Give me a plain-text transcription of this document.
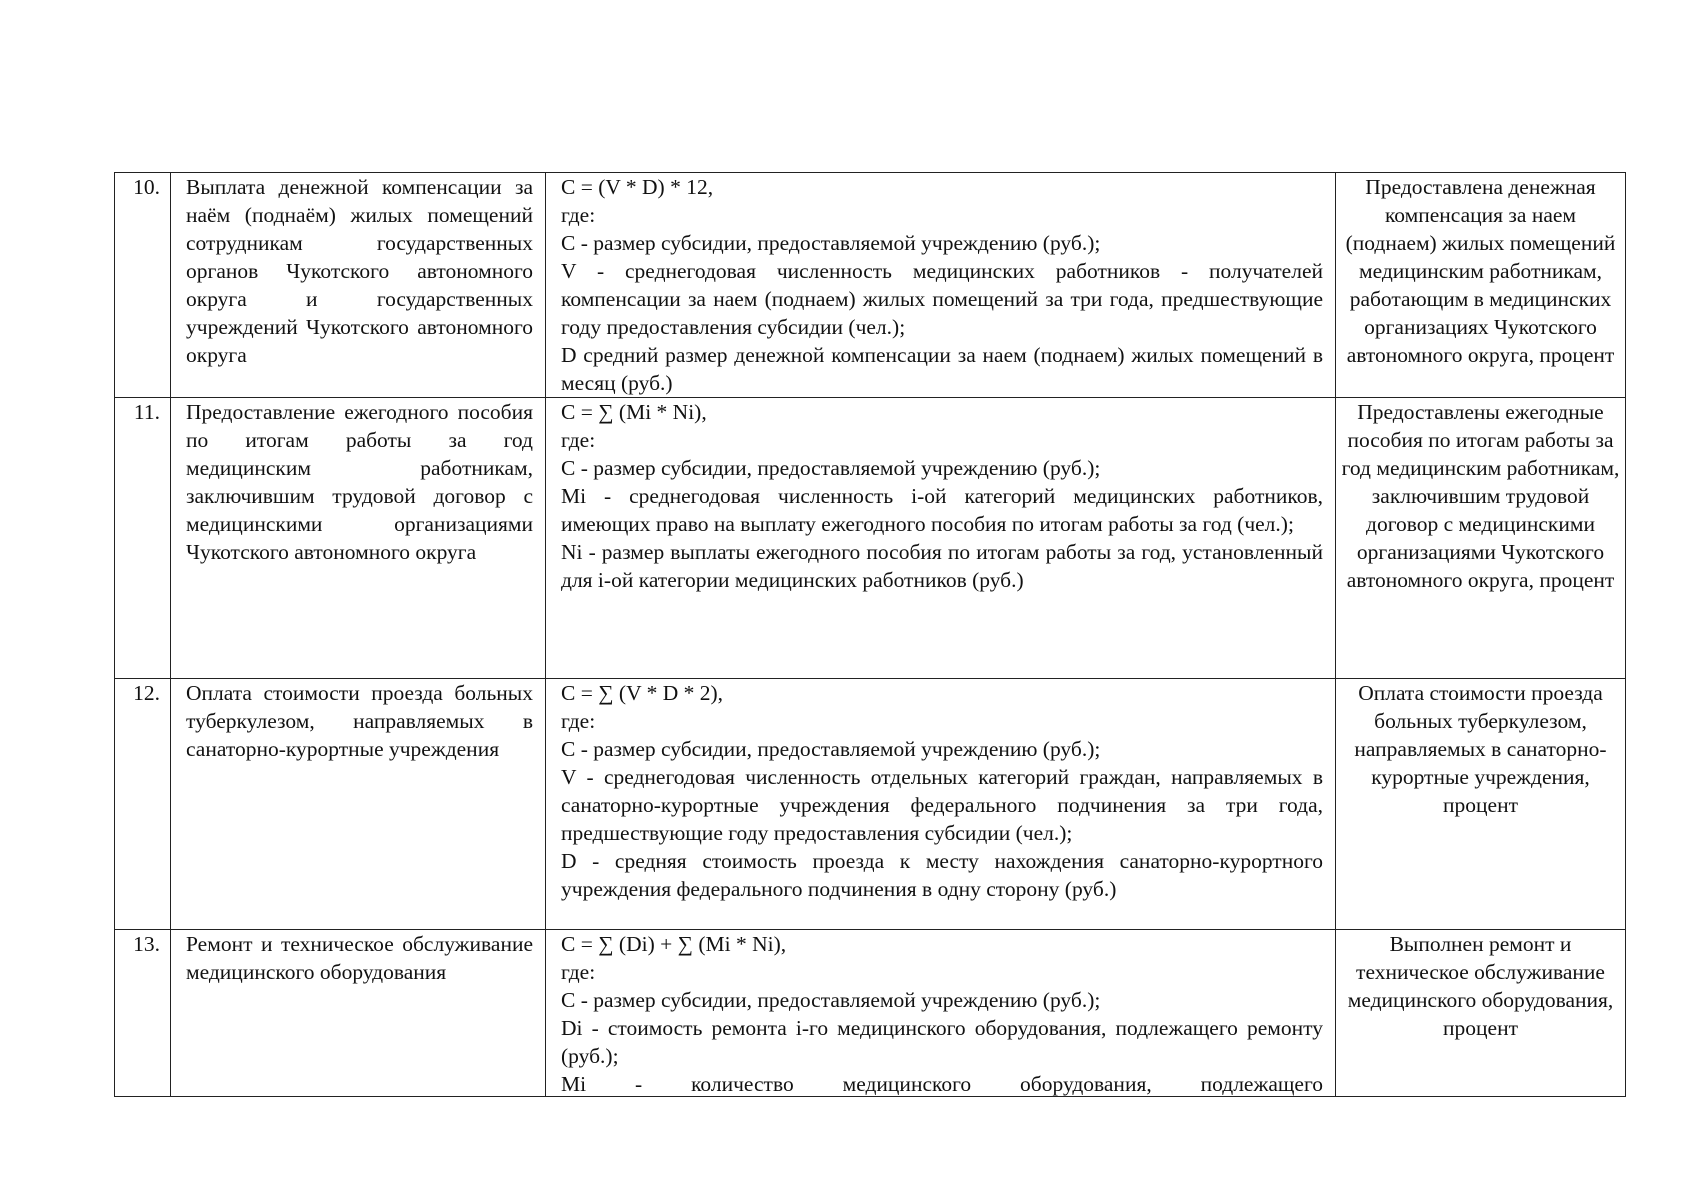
10.	Выплата денежной компенсации за наём (поднаём) жилых помещений сотрудникам государственных органов Чукотского автономного округа и государственных учреждений Чукотского автономного округа	C = (V * D) * 12,
где:
C - размер субсидии, предоставляемой учреждению (руб.);
V - среднегодовая численность медицинских работников - получателей компенсации за наем (поднаем) жилых помещений за три года, предшествующие году предоставления субсидии (чел.);
D средний размер денежной компенсации за наем (поднаем) жилых помещений в месяц (руб.)	Предоставлена денежная компенсация за наем (поднаем) жилых помещений медицинским работникам, работающим в медицинских организациях Чукотского автономного округа, процент
11.	Предоставление ежегодного пособия по итогам работы за год медицинским работникам, заключившим трудовой договор с медицинскими организациями Чукотского автономного округа	C = ∑ (Mi * Ni),
где:
C - размер субсидии, предоставляемой учреждению (руб.);
Mi - среднегодовая численность i-ой категорий медицинских работников, имеющих право на выплату ежегодного пособия по итогам работы за год (чел.);
Ni - размер выплаты ежегодного пособия по итогам работы за год, установленный для i-ой категории медицинских работников (руб.)	Предоставлены ежегодные пособия по итогам работы за год медицинским работникам, заключившим трудовой договор с медицинскими организациями Чукотского автономного округа, процент
12.	Оплата стоимости проезда больных туберкулезом, направляемых в санаторно-курортные учреждения	C = ∑ (V * D * 2),
где:
C - размер субсидии, предоставляемой учреждению (руб.);
V - среднегодовая численность отдельных категорий граждан, направляемых в санаторно-курортные учреждения федерального подчинения за три года, предшествующие году предоставления субсидии (чел.);
D - средняя стоимость проезда к месту нахождения санаторно-курортного учреждения федерального подчинения в одну сторону (руб.)	Оплата стоимости проезда больных туберкулезом, направляемых в санаторно-курортные учреждения, процент
13.	Ремонт и техническое обслуживание медицинского оборудования	C = ∑ (Di) + ∑ (Mi * Ni),
где:
C - размер субсидии, предоставляемой учреждению (руб.);
Di - стоимость ремонта i-го медицинского оборудования, подлежащего ремонту (руб.);
Mi - количество медицинского оборудования, подлежащего	Выполнен ремонт и техническое обслуживание медицинского оборудования, процент
